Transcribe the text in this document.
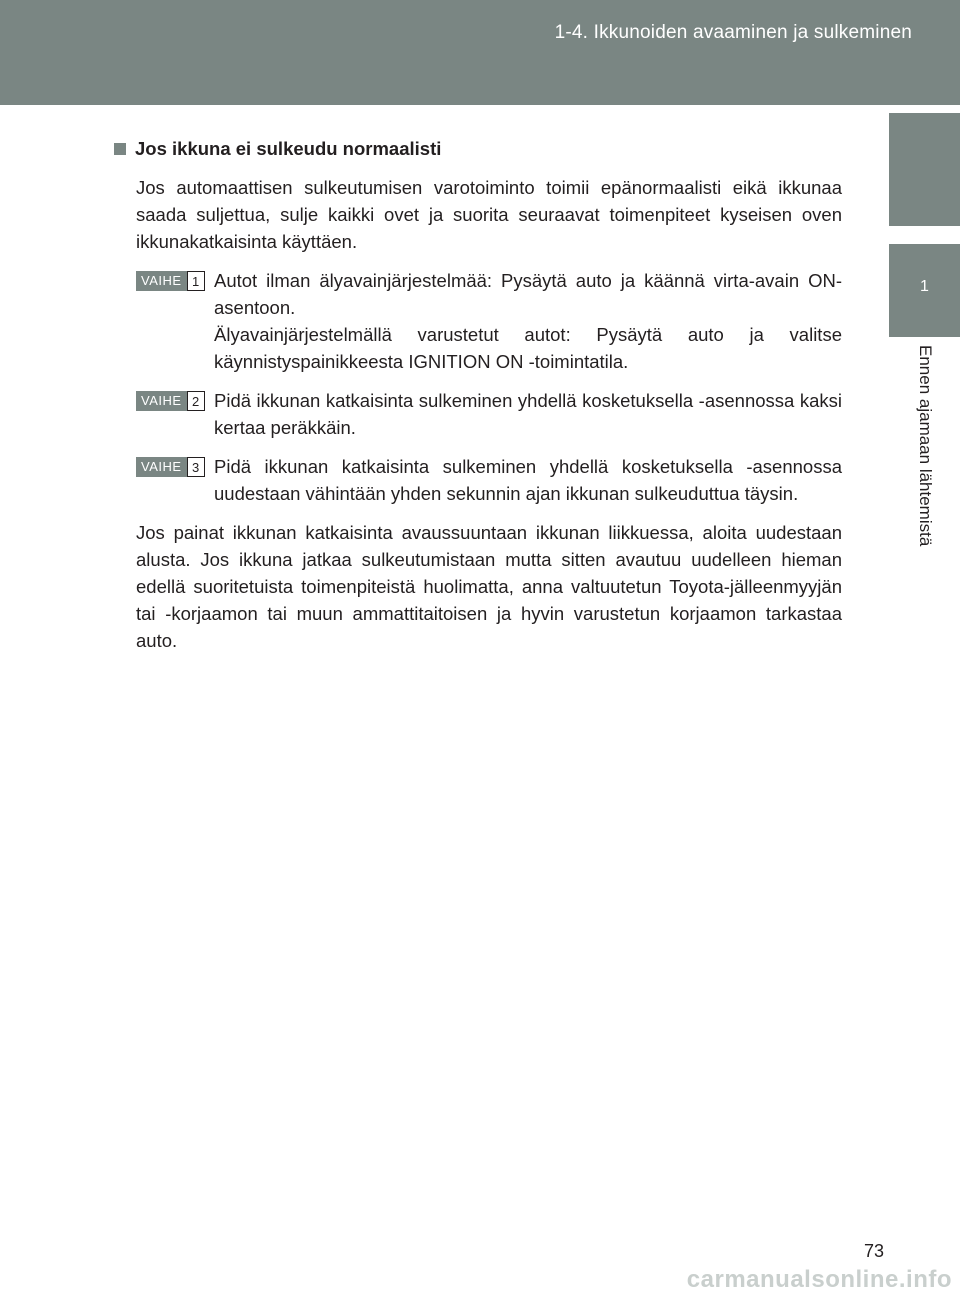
1-4. Ikkunoiden avaaminen ja sulkeminen
1
Ennen ajamaan lähtemistä
Jos ikkuna ei sulkeudu normaalisti

Jos automaattisen sulkeutumisen varotoiminto toimii epänormaalisti eikä ikkunaa saada suljettua, sulje kaikki ovet ja suorita seuraavat toimenpiteet kyseisen oven ikkunakatkaisinta käyttäen.

VAIHE 1 Autot ilman älyavainjärjestelmää: Pysäytä auto ja käännä virta-avain ON-asentoon.

Älyavainjärjestelmällä varustetut autot: Pysäytä auto ja valitse käynnistyspainikkeesta IGNITION ON -toimintatila.

VAIHE 2 Pidä ikkunan katkaisinta sulkeminen yhdellä kosketuksella -asennossa kaksi kertaa peräkkäin.

VAIHE 3 Pidä ikkunan katkaisinta sulkeminen yhdellä kosketuksella -asennossa uudestaan vähintään yhden sekunnin ajan ikkunan sulkeuduttua täysin.

Jos painat ikkunan katkaisinta avaussuuntaan ikkunan liikkuessa, aloita uudestaan alusta. Jos ikkuna jatkaa sulkeutumistaan mutta sitten avautuu uudelleen hieman edellä suoritetuista toimenpiteistä huolimatta, anna valtuutetun Toyota-jälleenmyyjän tai -korjaamon tai muun ammattitaitoisen ja hyvin varustetun korjaamon tarkastaa auto.

73
carmanualsonline.info
